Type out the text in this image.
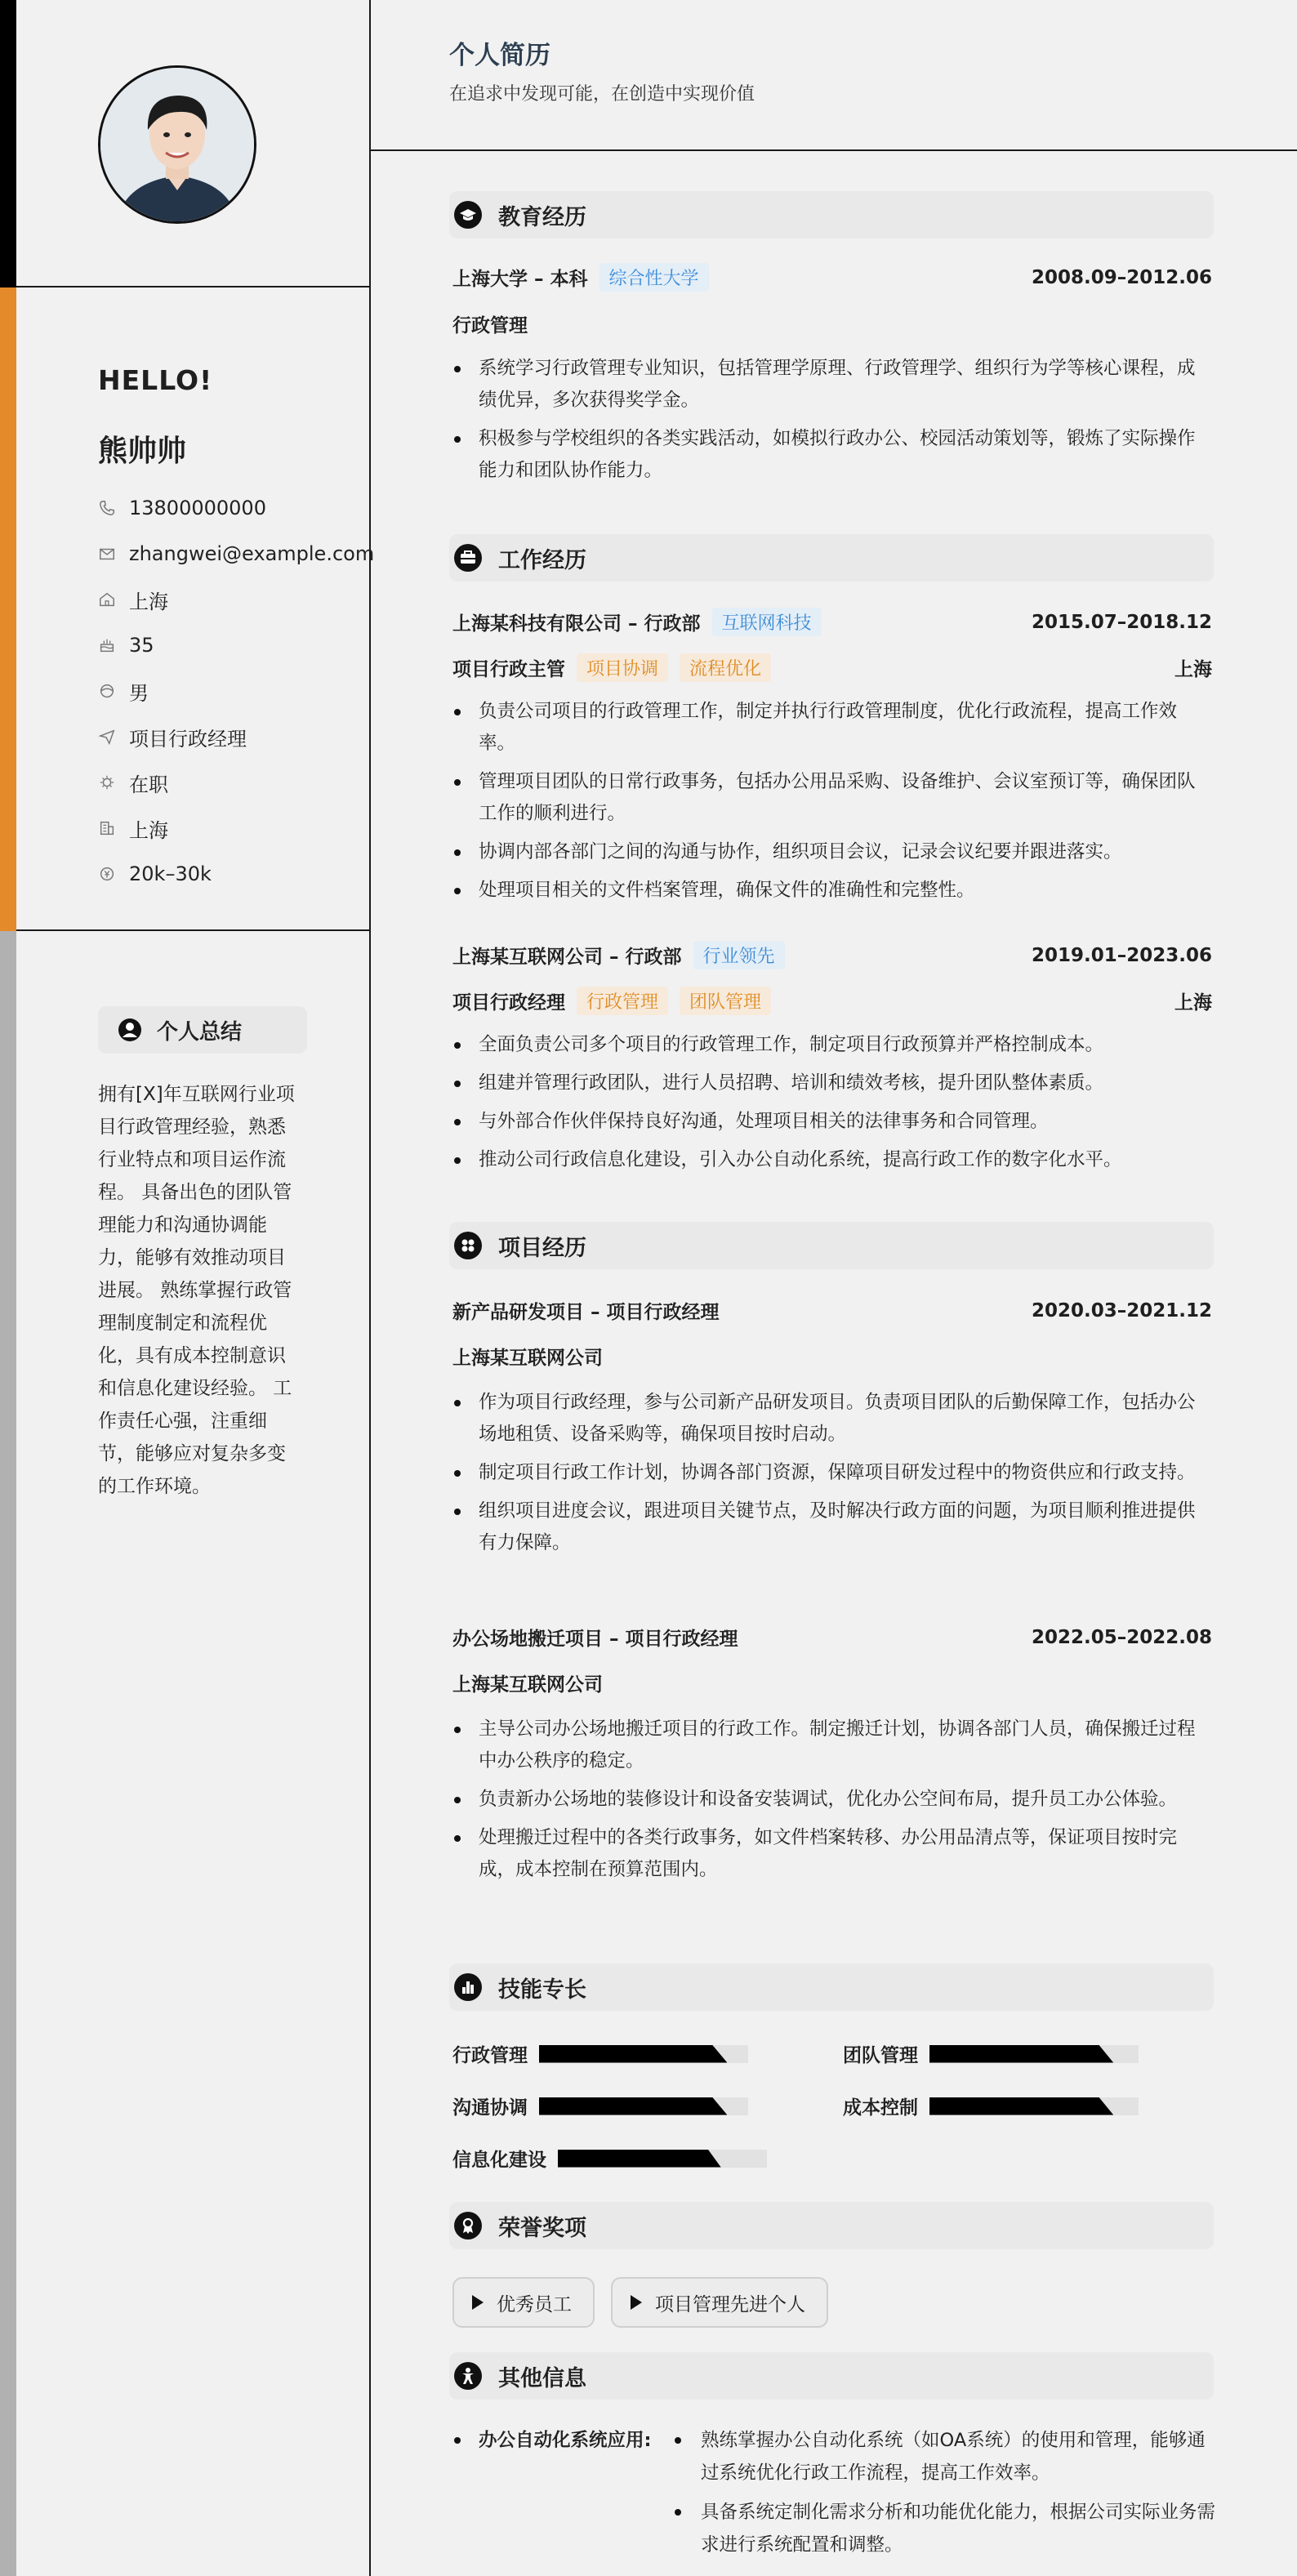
HELLO!
熊帅帅
13800000000
zhangwei@example.com
上海
35
男
项目行政经理
在职
上海
20k–30k
个人总结
拥有[X]年互联网行业项目行政管理经验，熟悉行业特点和项目运作流程。 具备出色的团队管理能力和沟通协调能力，能够有效推动项目进展。 熟练掌握行政管理制度制定和流程优化，具有成本控制意识和信息化建设经验。 工作责任心强，注重细节，能够应对复杂多变的工作环境。
个人简历
在追求中发现可能，在创造中实现价值
教育经历
上海大学 – 本科	综合性大学	2008.09–2012.06
行政管理
系统学习行政管理专业知识，包括管理学原理、行政管理学、组织行为学等核心课程，成绩优异，多次获得奖学金。
积极参与学校组织的各类实践活动，如模拟行政办公、校园活动策划等，锻炼了实际操作能力和团队协作能力。
工作经历
上海某科技有限公司 – 行政部	互联网科技	2015.07–2018.12
项目行政主管	项目协调	流程优化	上海
负责公司项目的行政管理工作，制定并执行行政管理制度，优化行政流程，提高工作效率。
管理项目团队的日常行政事务，包括办公用品采购、设备维护、会议室预订等，确保团队工作的顺利进行。
协调内部各部门之间的沟通与协作，组织项目会议，记录会议纪要并跟进落实。
处理项目相关的文件档案管理，确保文件的准确性和完整性。
上海某互联网公司 – 行政部	行业领先	2019.01–2023.06
项目行政经理	行政管理	团队管理	上海
全面负责公司多个项目的行政管理工作，制定项目行政预算并严格控制成本。
组建并管理行政团队，进行人员招聘、培训和绩效考核，提升团队整体素质。
与外部合作伙伴保持良好沟通，处理项目相关的法律事务和合同管理。
推动公司行政信息化建设，引入办公自动化系统，提高行政工作的数字化水平。
项目经历
新产品研发项目 – 项目行政经理	2020.03–2021.12
上海某互联网公司
作为项目行政经理，参与公司新产品研发项目。负责项目团队的后勤保障工作，包括办公场地租赁、设备采购等，确保项目按时启动。
制定项目行政工作计划，协调各部门资源，保障项目研发过程中的物资供应和行政支持。
组织项目进度会议，跟进项目关键节点，及时解决行政方面的问题，为项目顺利推进提供有力保障。
办公场地搬迁项目 – 项目行政经理	2022.05–2022.08
上海某互联网公司
主导公司办公场地搬迁项目的行政工作。制定搬迁计划，协调各部门人员，确保搬迁过程中办公秩序的稳定。
负责新办公场地的装修设计和设备安装调试，优化办公空间布局，提升员工办公体验。
处理搬迁过程中的各类行政事务，如文件档案转移、办公用品清点等，保证项目按时完成，成本控制在预算范围内。
技能专长
行政管理	团队管理
沟通协调	成本控制
信息化建设
荣誉奖项
优秀员工	项目管理先进个人
其他信息
办公自动化系统应用:	熟练掌握办公自动化系统（如OA系统）的使用和管理，能够通过系统优化行政工作流程，提高工作效率。
具备系统定制化需求分析和功能优化能力，根据公司实际业务需求进行系统配置和调整。
